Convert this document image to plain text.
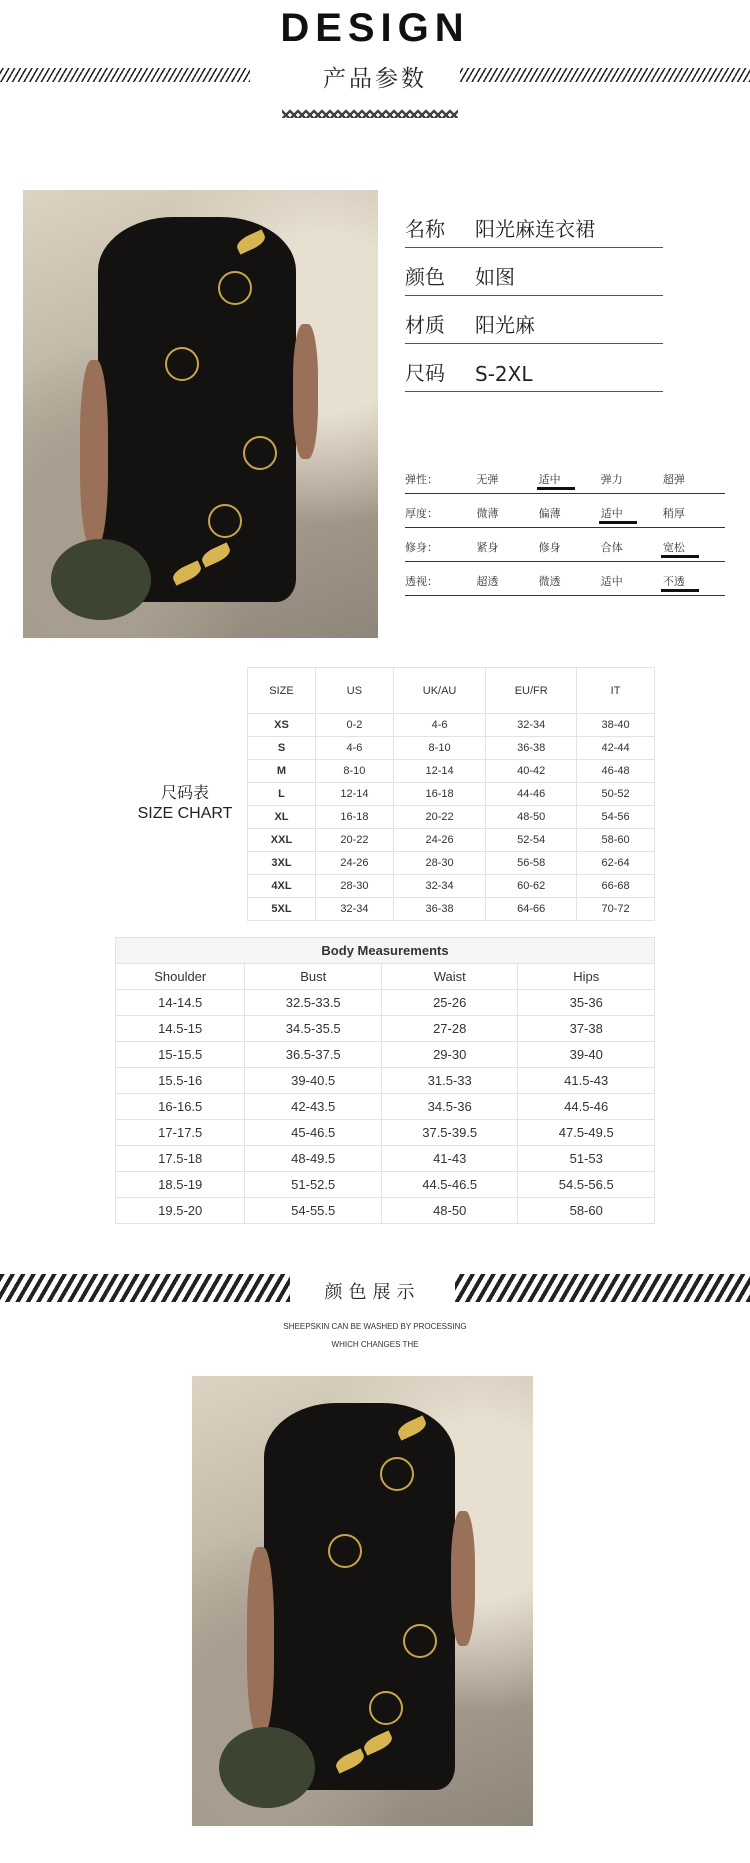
DESIGN
产品参数
名称	阳光麻连衣裙
颜色	如图
材质	阳光麻
尺码	S-2XL
弹性：	无弹	适中	弹力	超弹
厚度：	微薄	偏薄	适中	稍厚
修身：	紧身	修身	合体	宽松
透视：	超透	微透	适中	不透
尺码表
SIZE CHART
SIZE	US	UK/AU	EU/FR	IT
XS	0-2	4-6	32-34	38-40
S	4-6	8-10	36-38	42-44
M	8-10	12-14	40-42	46-48
L	12-14	16-18	44-46	50-52
XL	16-18	20-22	48-50	54-56
XXL	20-22	24-26	52-54	58-60
3XL	24-26	28-30	56-58	62-64
4XL	28-30	32-34	60-62	66-68
5XL	32-34	36-38	64-66	70-72
Body Measurements			
Shoulder	Bust	Waist	Hips
14-14.5	32.5-33.5	25-26	35-36
14.5-15	34.5-35.5	27-28	37-38
15-15.5	36.5-37.5	29-30	39-40
15.5-16	39-40.5	31.5-33	41.5-43
16-16.5	42-43.5	34.5-36	44.5-46
17-17.5	45-46.5	37.5-39.5	47.5-49.5
17.5-18	48-49.5	41-43	51-53
18.5-19	51-52.5	44.5-46.5	54.5-56.5
19.5-20	54-55.5	48-50	58-60
颜色展示
SHEEPSKIN CAN BE WASHED BY PROCESSING
WHICH CHANGES THE
